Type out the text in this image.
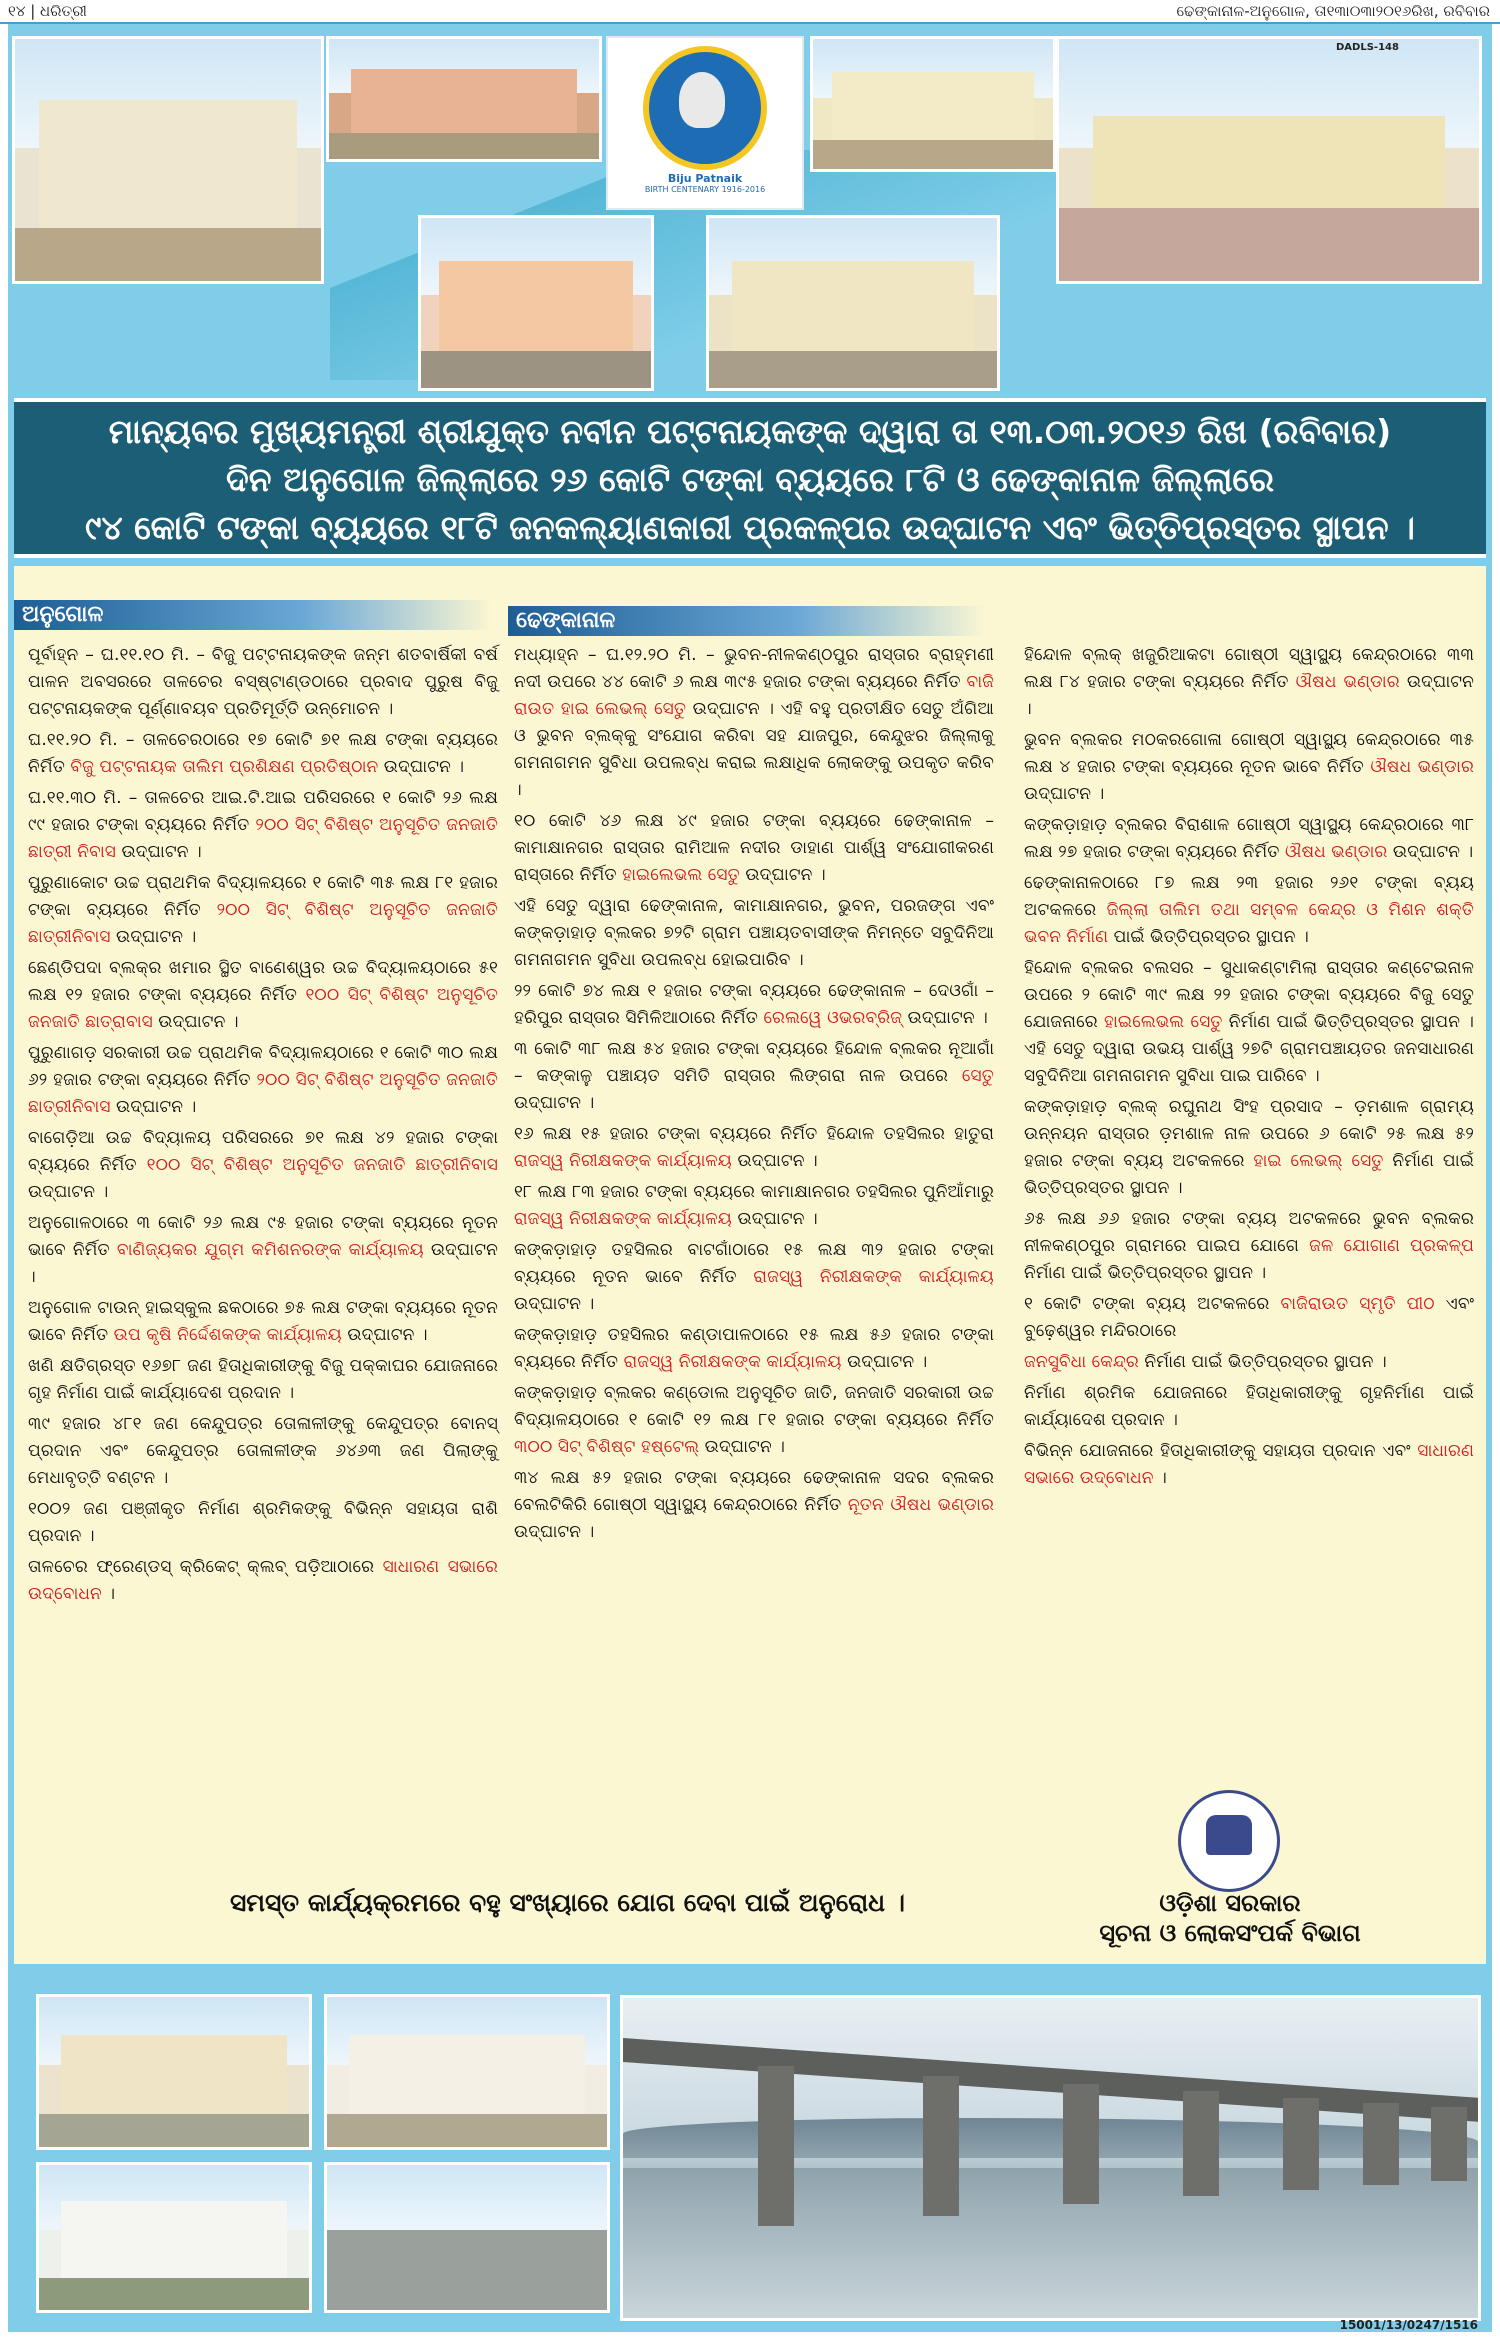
୧୪ | ଧରିତ୍ରୀ	ଢେଙ୍କାନାଳ-ଅନୁଗୋଳ, ତା୧୩ା୦୩ା୨୦୧୬ରିଖ, ରବିବାର
Biju Patnaik
BIRTH CENTENARY 1916-2016
DADLS-148
ମାନ୍ୟବର ମୁଖ୍ୟମନ୍ତ୍ରୀ ଶ୍ରୀଯୁକ୍ତ ନବୀନ ପଟ୍ଟନାୟକଙ୍କ ଦ୍ୱାରା ତା ୧୩.୦୩.୨୦୧୬ ରିଖ (ରବିବାର)
ଦିନ ଅନୁଗୋଳ ଜିଲ୍ଲାରେ ୨୬ କୋଟି ଟଙ୍କା ବ୍ୟୟରେ ୮ଟି ଓ ଢେଙ୍କାନାଳ ଜିଲ୍ଲାରେ
୯୪ କୋଟି ଟଙ୍କା ବ୍ୟୟରେ ୧୮ଟି ଜନକଲ୍ୟାଣକାରୀ ପ୍ରକଳ୍ପର ଉଦ୍‌ଘାଟନ ଏବଂ ଭିତ୍ତିପ୍ରସ୍ତର ସ୍ଥାପନ ।
ଅନୁଗୋଳ	ଢେଙ୍କାନାଳ

ପୂର୍ବାହ୍ନ – ଘ.୧୧.୧୦ ମି. – ବିଜୁ ପଟ୍ଟନାୟକଙ୍କ ଜନ୍ମ ଶତବାର୍ଷିକୀ ବର୍ଷ ପାଳନ ଅବସରରେ ତାଳଚେର ବସ୍‌ଷ୍ଟାଣ୍ଡଠାରେ ପ୍ରବାଦ ପୁରୁଷ ବିଜୁ ପଟ୍ଟନାୟକଙ୍କ ପୂର୍ଣ୍ଣାବୟବ ପ୍ରତିମୂର୍ତ୍ତି ଉନ୍ମୋଚନ ।

ଘ.୧୧.୨୦ ମି. – ତାଳଚେରଠାରେ ୧୭ କୋଟି ୭୧ ଲକ୍ଷ ଟଙ୍କା ବ୍ୟୟରେ ନିର୍ମିତ ବିଜୁ ପଟ୍ଟନାୟକ ତାଲିମ ପ୍ରଶିକ୍ଷଣ ପ୍ରତିଷ୍ଠାନ ଉଦ୍‌ଘାଟନ ।

ଘ.୧୧.୩୦ ମି. – ତାଳଚେର ଆଇ.ଟି.ଆଇ ପରିସରରେ ୧ କୋଟି ୨୬ ଲକ୍ଷ ୯୯ ହଜାର ଟଙ୍କା ବ୍ୟୟରେ ନିର୍ମିତ ୨୦୦ ସିଟ୍ ବିଶିଷ୍ଟ ଅନୁସୂଚିତ ଜନଜାତି ଛାତ୍ରୀ ନିବାସ ଉଦ୍‌ଘାଟନ ।

ପୁରୁଣାକୋଟ ଉଚ୍ଚ ପ୍ରାଥମିକ ବିଦ୍ୟାଳୟରେ ୧ କୋଟି ୩୫ ଲକ୍ଷ ୮୧ ହଜାର ଟଙ୍କା ବ୍ୟୟରେ ନିର୍ମିତ ୨୦୦ ସିଟ୍ ବିଶିଷ୍ଟ ଅନୁସୂଚିତ ଜନଜାତି ଛାତ୍ରୀନିବାସ ଉଦ୍‌ଘାଟନ ।

ଛେଣ୍ଡିପଦା ବ୍ଲକ୍‌ର ଖମାର ସ୍ଥିତ ବାଣେଶ୍ୱର ଉଚ୍ଚ ବିଦ୍ୟାଳୟଠାରେ ୫୧ ଲକ୍ଷ ୧୨ ହଜାର ଟଙ୍କା ବ୍ୟୟରେ ନିର୍ମିତ ୧୦୦ ସିଟ୍ ବିଶିଷ୍ଟ ଅନୁସୂଚିତ ଜନଜାତି ଛାତ୍ରାବାସ ଉଦ୍‌ଘାଟନ ।

ପୁରୁଣାଗଡ଼ ସରକାରୀ ଉଚ୍ଚ ପ୍ରାଥମିକ ବିଦ୍ୟାଳୟଠାରେ ୧ କୋଟି ୩୦ ଲକ୍ଷ ୬୨ ହଜାର ଟଙ୍କା ବ୍ୟୟରେ ନିର୍ମିତ ୨୦୦ ସିଟ୍ ବିଶିଷ୍ଟ ଅନୁସୂଚିତ ଜନଜାତି ଛାତ୍ରୀନିବାସ ଉଦ୍‌ଘାଟନ ।

ବାଗେଡ଼ିଆ ଉଚ୍ଚ ବିଦ୍ୟାଳୟ ପରିସରରେ ୭୧ ଲକ୍ଷ ୪୨ ହଜାର ଟଙ୍କା ବ୍ୟୟରେ ନିର୍ମିତ ୧୦୦ ସିଟ୍ ବିଶିଷ୍ଟ ଅନୁସୂଚିତ ଜନଜାତି ଛାତ୍ରୀନିବାସ ଉଦ୍‌ଘାଟନ ।

ଅନୁଗୋଳଠାରେ ୩ କୋଟି ୨୬ ଲକ୍ଷ ୯୫ ହଜାର ଟଙ୍କା ବ୍ୟୟରେ ନୂତନ ଭାବେ ନିର୍ମିତ ବାଣିଜ୍ୟକର ଯୁଗ୍ମ କମିଶନରଙ୍କ କାର୍ଯ୍ୟାଳୟ ଉଦ୍‌ଘାଟନ ।

ଅନୁଗୋଳ ଟାଉନ୍ ହାଇସ୍କୁଲ ଛକଠାରେ ୭୫ ଲକ୍ଷ ଟଙ୍କା ବ୍ୟୟରେ ନୂତନ ଭାବେ ନିର୍ମିତ ଉପ କୃଷି ନିର୍ଦ୍ଦେଶକଙ୍କ କାର୍ଯ୍ୟାଳୟ ଉଦ୍‌ଘାଟନ ।

ଖଣି କ୍ଷତିଗ୍ରସ୍ତ ୧୬୭୮ ଜଣ ହିତାଧିକାରୀଙ୍କୁ ବିଜୁ ପକ୍କାଘର ଯୋଜନାରେ ଗୃହ ନିର୍ମାଣ ପାଇଁ କାର୍ଯ୍ୟାଦେଶ ପ୍ରଦାନ ।

୩୯ ହଜାର ୪୮୧ ଜଣ କେନ୍ଦୁପତ୍ର ତୋଳାଳୀଙ୍କୁ କେନ୍ଦୁପତ୍ର ବୋନସ୍ ପ୍ରଦାନ ଏବଂ କେନ୍ଦୁପତ୍ର ତୋଳାଳୀଙ୍କ ୬୪୬୩ ଜଣ ପିଲାଙ୍କୁ ମେଧାବୃତ୍ତି ବଣ୍ଟନ ।

୧୦୦୨ ଜଣ ପଞ୍ଜୀକୃତ ନିର୍ମାଣ ଶ୍ରମିକଙ୍କୁ ବିଭିନ୍ନ ସହାୟତା ରାଶି ପ୍ରଦାନ ।

ତାଳଚେର ଫ୍ରେଣ୍ଡସ୍ କ୍ରିକେଟ୍ କ୍ଲବ୍ ପଡ଼ିଆଠାରେ ସାଧାରଣ ସଭାରେ ଉଦ୍‌ବୋଧନ ।

ମଧ୍ୟାହ୍ନ – ଘ.୧୨.୨୦ ମି. – ଭୁବନ-ନୀଳକଣ୍ଠପୁର ରାସ୍ତାର ବ୍ରାହ୍ମଣୀ ନଦୀ ଉପରେ ୪୪ କୋଟି ୬ ଲକ୍ଷ ୩୯୫ ହଜାର ଟଙ୍କା ବ୍ୟୟରେ ନିର୍ମିତ ବାଜି ରାଉତ ହାଇ ଲେଭଲ୍ ସେତୁ ଉଦ୍‌ଘାଟନ । ଏହି ବହୁ ପ୍ରତୀକ୍ଷିତ ସେତୁ ଅଁଗିଆ ଓ ଭୁବନ ବ୍ଲକ୍‌କୁ ସଂଯୋଗ କରିବା ସହ ଯାଜପୁର, କେନ୍ଦୁଝର ଜିଲ୍ଲାକୁ ଗମନାଗମନ ସୁବିଧା ଉପଲବ୍ଧ କରାଇ ଲକ୍ଷାଧିକ ଲୋକଙ୍କୁ ଉପକୃତ କରିବ ।

୧୦ କୋଟି ୪୬ ଲକ୍ଷ ୪୯ ହଜାର ଟଙ୍କା ବ୍ୟୟରେ ଢେଙ୍କାନାଳ – କାମାକ୍ଷାନଗର ରାସ୍ତାର ରାମିଆଳ ନଦୀର ଡାହାଣ ପାର୍ଶ୍ୱ ସଂଯୋଗୀକରଣ ରାସ୍ତାରେ ନିର୍ମିତ ହାଇଲେଭଲ ସେତୁ ଉଦ୍‌ଘାଟନ ।

ଏହି ସେତୁ ଦ୍ୱାରା ଢେଙ୍କାନାଳ, କାମାକ୍ଷାନଗର, ଭୁବନ, ପରଜଙ୍ଗ ଏବଂ କଙ୍କଡ଼ାହାଡ଼ ବ୍ଲକର ୭୨ଟି ଗ୍ରାମ ପଞ୍ଚାୟତବାସୀଙ୍କ ନିମନ୍ତେ ସବୁଦିନିଆ ଗମନାଗମନ ସୁବିଧା ଉପଲବ୍ଧ ହୋଇପାରିବ ।

୨୨ କୋଟି ୭୪ ଲକ୍ଷ ୧ ହଜାର ଟଙ୍କା ବ୍ୟୟରେ ଢେଙ୍କାନାଳ – ଦେଓଗାଁ – ହରିପୁର ରାସ୍ତାର ସିମିଳିଆଠାରେ ନିର୍ମିତ ରେଲୱେ ଓଭରବ୍ରିଜ୍ ଉଦ୍‌ଘାଟନ ।

୩ କୋଟି ୩୮ ଲକ୍ଷ ୫୪ ହଜାର ଟଙ୍କା ବ୍ୟୟରେ ହିନ୍ଦୋଳ ବ୍ଲକର ନୂଆଗାଁ – କଙ୍କାଳୁ ପଞ୍ଚାୟତ ସମିତି ରାସ୍ତାର ଲିଙ୍ଗରା ନାଳ ଉପରେ ସେତୁ ଉଦ୍‌ଘାଟନ ।

୧୬ ଲକ୍ଷ ୧୫ ହଜାର ଟଙ୍କା ବ୍ୟୟରେ ନିର୍ମିତ ହିନ୍ଦୋଳ ତହସିଲର ହାତୁରା ରାଜସ୍ୱ ନିରୀକ୍ଷକଙ୍କ କାର୍ଯ୍ୟାଳୟ ଉଦ୍‌ଘାଟନ ।

୧୮ ଲକ୍ଷ ୮୩ ହଜାର ଟଙ୍କା ବ୍ୟୟରେ କାମାକ୍ଷାନଗର ତହସିଲର ପୁନିଆଁମାରୁ ରାଜସ୍ୱ ନିରୀକ୍ଷକଙ୍କ କାର୍ଯ୍ୟାଳୟ ଉଦ୍‌ଘାଟନ ।

କଙ୍କଡ଼ାହାଡ଼ ତହସିଲର ବାଟଗାଁଠାରେ ୧୫ ଲକ୍ଷ ୩୨ ହଜାର ଟଙ୍କା ବ୍ୟୟରେ ନୂତନ ଭାବେ ନିର୍ମିତ ରାଜସ୍ୱ ନିରୀକ୍ଷକଙ୍କ କାର୍ଯ୍ୟାଳୟ ଉଦ୍‌ଘାଟନ ।

କଙ୍କଡ଼ାହାଡ଼ ତହସିଲର କଣ୍ଡାପାଳଠାରେ ୧୫ ଲକ୍ଷ ୫୬ ହଜାର ଟଙ୍କା ବ୍ୟୟରେ ନିର୍ମିତ ରାଜସ୍ୱ ନିରୀକ୍ଷକଙ୍କ କାର୍ଯ୍ୟାଳୟ ଉଦ୍‌ଘାଟନ ।

କଙ୍କଡ଼ାହାଡ଼ ବ୍ଲକର କଣ୍ଡୋଲ ଅନୁସୂଚିତ ଜାତି, ଜନଜାତି ସରକାରୀ ଉଚ୍ଚ ବିଦ୍ୟାଳୟଠାରେ ୧ କୋଟି ୧୨ ଲକ୍ଷ ୮୧ ହଜାର ଟଙ୍କା ବ୍ୟୟରେ ନିର୍ମିତ ୩୦୦ ସିଟ୍ ବିଶିଷ୍ଟ ହଷ୍ଟେଲ୍ ଉଦ୍‌ଘାଟନ ।

୩୪ ଲକ୍ଷ ୫୨ ହଜାର ଟଙ୍କା ବ୍ୟୟରେ ଢେଙ୍କାନାଳ ସଦର ବ୍ଲକର ବେଲଟିକିରି ଗୋଷ୍ଠୀ ସ୍ୱାସ୍ଥ୍ୟ କେନ୍ଦ୍ରଠାରେ ନିର୍ମିତ ନୂତନ ଔଷଧ ଭଣ୍ଡାର ଉଦ୍‌ଘାଟନ ।

ହିନ୍ଦୋଳ ବ୍ଲକ୍ ଖଜୁରିଆକଟା ଗୋଷ୍ଠୀ ସ୍ୱାସ୍ଥ୍ୟ କେନ୍ଦ୍ରଠାରେ ୩୩ ଲକ୍ଷ ୮୪ ହଜାର ଟଙ୍କା ବ୍ୟୟରେ ନିର୍ମିତ ଔଷଧ ଭଣ୍ଡାର ଉଦ୍‌ଘାଟନ ।

ଭୁବନ ବ୍ଲକର ମଠକରଗୋଳା ଗୋଷ୍ଠୀ ସ୍ୱାସ୍ଥ୍ୟ କେନ୍ଦ୍ରଠାରେ ୩୫ ଲକ୍ଷ ୪ ହଜାର ଟଙ୍କା ବ୍ୟୟରେ ନୂତନ ଭାବେ ନିର୍ମିତ ଔଷଧ ଭଣ୍ଡାର ଉଦ୍‌ଘାଟନ ।

କଙ୍କଡ଼ାହାଡ଼ ବ୍ଲକର ବିରାଶାଳ ଗୋଷ୍ଠୀ ସ୍ୱାସ୍ଥ୍ୟ କେନ୍ଦ୍ରଠାରେ ୩୮ ଲକ୍ଷ ୨୭ ହଜାର ଟଙ୍କା ବ୍ୟୟରେ ନିର୍ମିତ ଔଷଧ ଭଣ୍ଡାର ଉଦ୍‌ଘାଟନ ।

ଢେଙ୍କାନାଳଠାରେ ୮୭ ଲକ୍ଷ ୨୩ ହଜାର ୨୬୧ ଟଙ୍କା ବ୍ୟୟ ଅଟକଳରେ ଜିଲ୍ଲା ତାଲିମ ତଥା ସମ୍ବଳ କେନ୍ଦ୍ର ଓ ମିଶନ ଶକ୍ତି ଭବନ ନିର୍ମାଣ ପାଇଁ ଭିତ୍ତିପ୍ରସ୍ତର ସ୍ଥାପନ ।

ହିନ୍ଦୋଳ ବ୍ଲକର ବଲସର – ସୁଧାକଣ୍ଟାମିଲା ରାସ୍ତାର କଣ୍ଟେଇନାଳ ଉପରେ ୨ କୋଟି ୩୯ ଲକ୍ଷ ୨୨ ହଜାର ଟଙ୍କା ବ୍ୟୟରେ ବିଜୁ ସେତୁ ଯୋଜନାରେ ହାଇଲେଭଲ ସେତୁ ନିର୍ମାଣ ପାଇଁ ଭିତ୍ତିପ୍ରସ୍ତର ସ୍ଥାପନ । ଏହି ସେତୁ ଦ୍ୱାରା ଉଭୟ ପାର୍ଶ୍ୱ ୨୭ଟି ଗ୍ରାମପଞ୍ଚାୟତର ଜନସାଧାରଣ ସବୁଦିନିଆ ଗମନାଗମନ ସୁବିଧା ପାଇ ପାରିବେ ।

କଙ୍କଡ଼ାହାଡ଼ ବ୍ଲକ୍ ରଘୁନାଥ ସିଂହ ପ୍ରସାଦ – ଡ଼ମଶାଳ ଗ୍ରାମ୍ୟ ଉନ୍ନୟନ ରାସ୍ତାର ଡ଼ମଶାଳ ନାଳ ଉପରେ ୬ କୋଟି ୨୫ ଲକ୍ଷ ୫୨ ହଜାର ଟଙ୍କା ବ୍ୟୟ ଅଟକଳରେ ହାଇ ଲେଭଲ୍ ସେତୁ ନିର୍ମାଣ ପାଇଁ ଭିତ୍ତିପ୍ରସ୍ତର ସ୍ଥାପନ ।

୬୫ ଲକ୍ଷ ୬୬ ହଜାର ଟଙ୍କା ବ୍ୟୟ ଅଟକଳରେ ଭୁବନ ବ୍ଲକର ନୀଳକଣ୍ଠପୁର ଗ୍ରାମରେ ପାଇପ ଯୋଗେ ଜଳ ଯୋଗାଣ ପ୍ରକଳ୍ପ ନିର୍ମାଣ ପାଇଁ ଭିତ୍ତିପ୍ରସ୍ତର ସ୍ଥାପନ ।

୧ କୋଟି ଟଙ୍କା ବ୍ୟୟ ଅଟକଳରେ ବାଜିରାଉତ ସ୍ମୃତି ପୀଠ ଏବଂ ବୁଢ଼େଶ୍ୱର ମନ୍ଦିରଠାରେ

ଜନସୁବିଧା କେନ୍ଦ୍ର ନିର୍ମାଣ ପାଇଁ ଭିତ୍ତିପ୍ରସ୍ତର ସ୍ଥାପନ ।

ନିର୍ମାଣ ଶ୍ରମିକ ଯୋଜନାରେ ହିତାଧିକାରୀଙ୍କୁ ଗୃହନିର୍ମାଣ ପାଇଁ କାର୍ଯ୍ୟାଦେଶ ପ୍ରଦାନ ।

ବିଭିନ୍ନ ଯୋଜନାରେ ହିତାଧିକାରୀଙ୍କୁ ସହାୟତା ପ୍ରଦାନ ଏବଂ ସାଧାରଣ ସଭାରେ ଉଦ୍‌ବୋଧନ ।

ସମସ୍ତ କାର୍ଯ୍ୟକ୍ରମରେ ବହୁ ସଂଖ୍ୟାରେ ଯୋଗ ଦେବା ପାଇଁ ଅନୁରୋଧ ।	ଓଡ଼ିଶା ସରକାର
ସୂଚନା ଓ ଲୋକସଂପର୍କ ବିଭାଗ
15001/13/0247/1516
